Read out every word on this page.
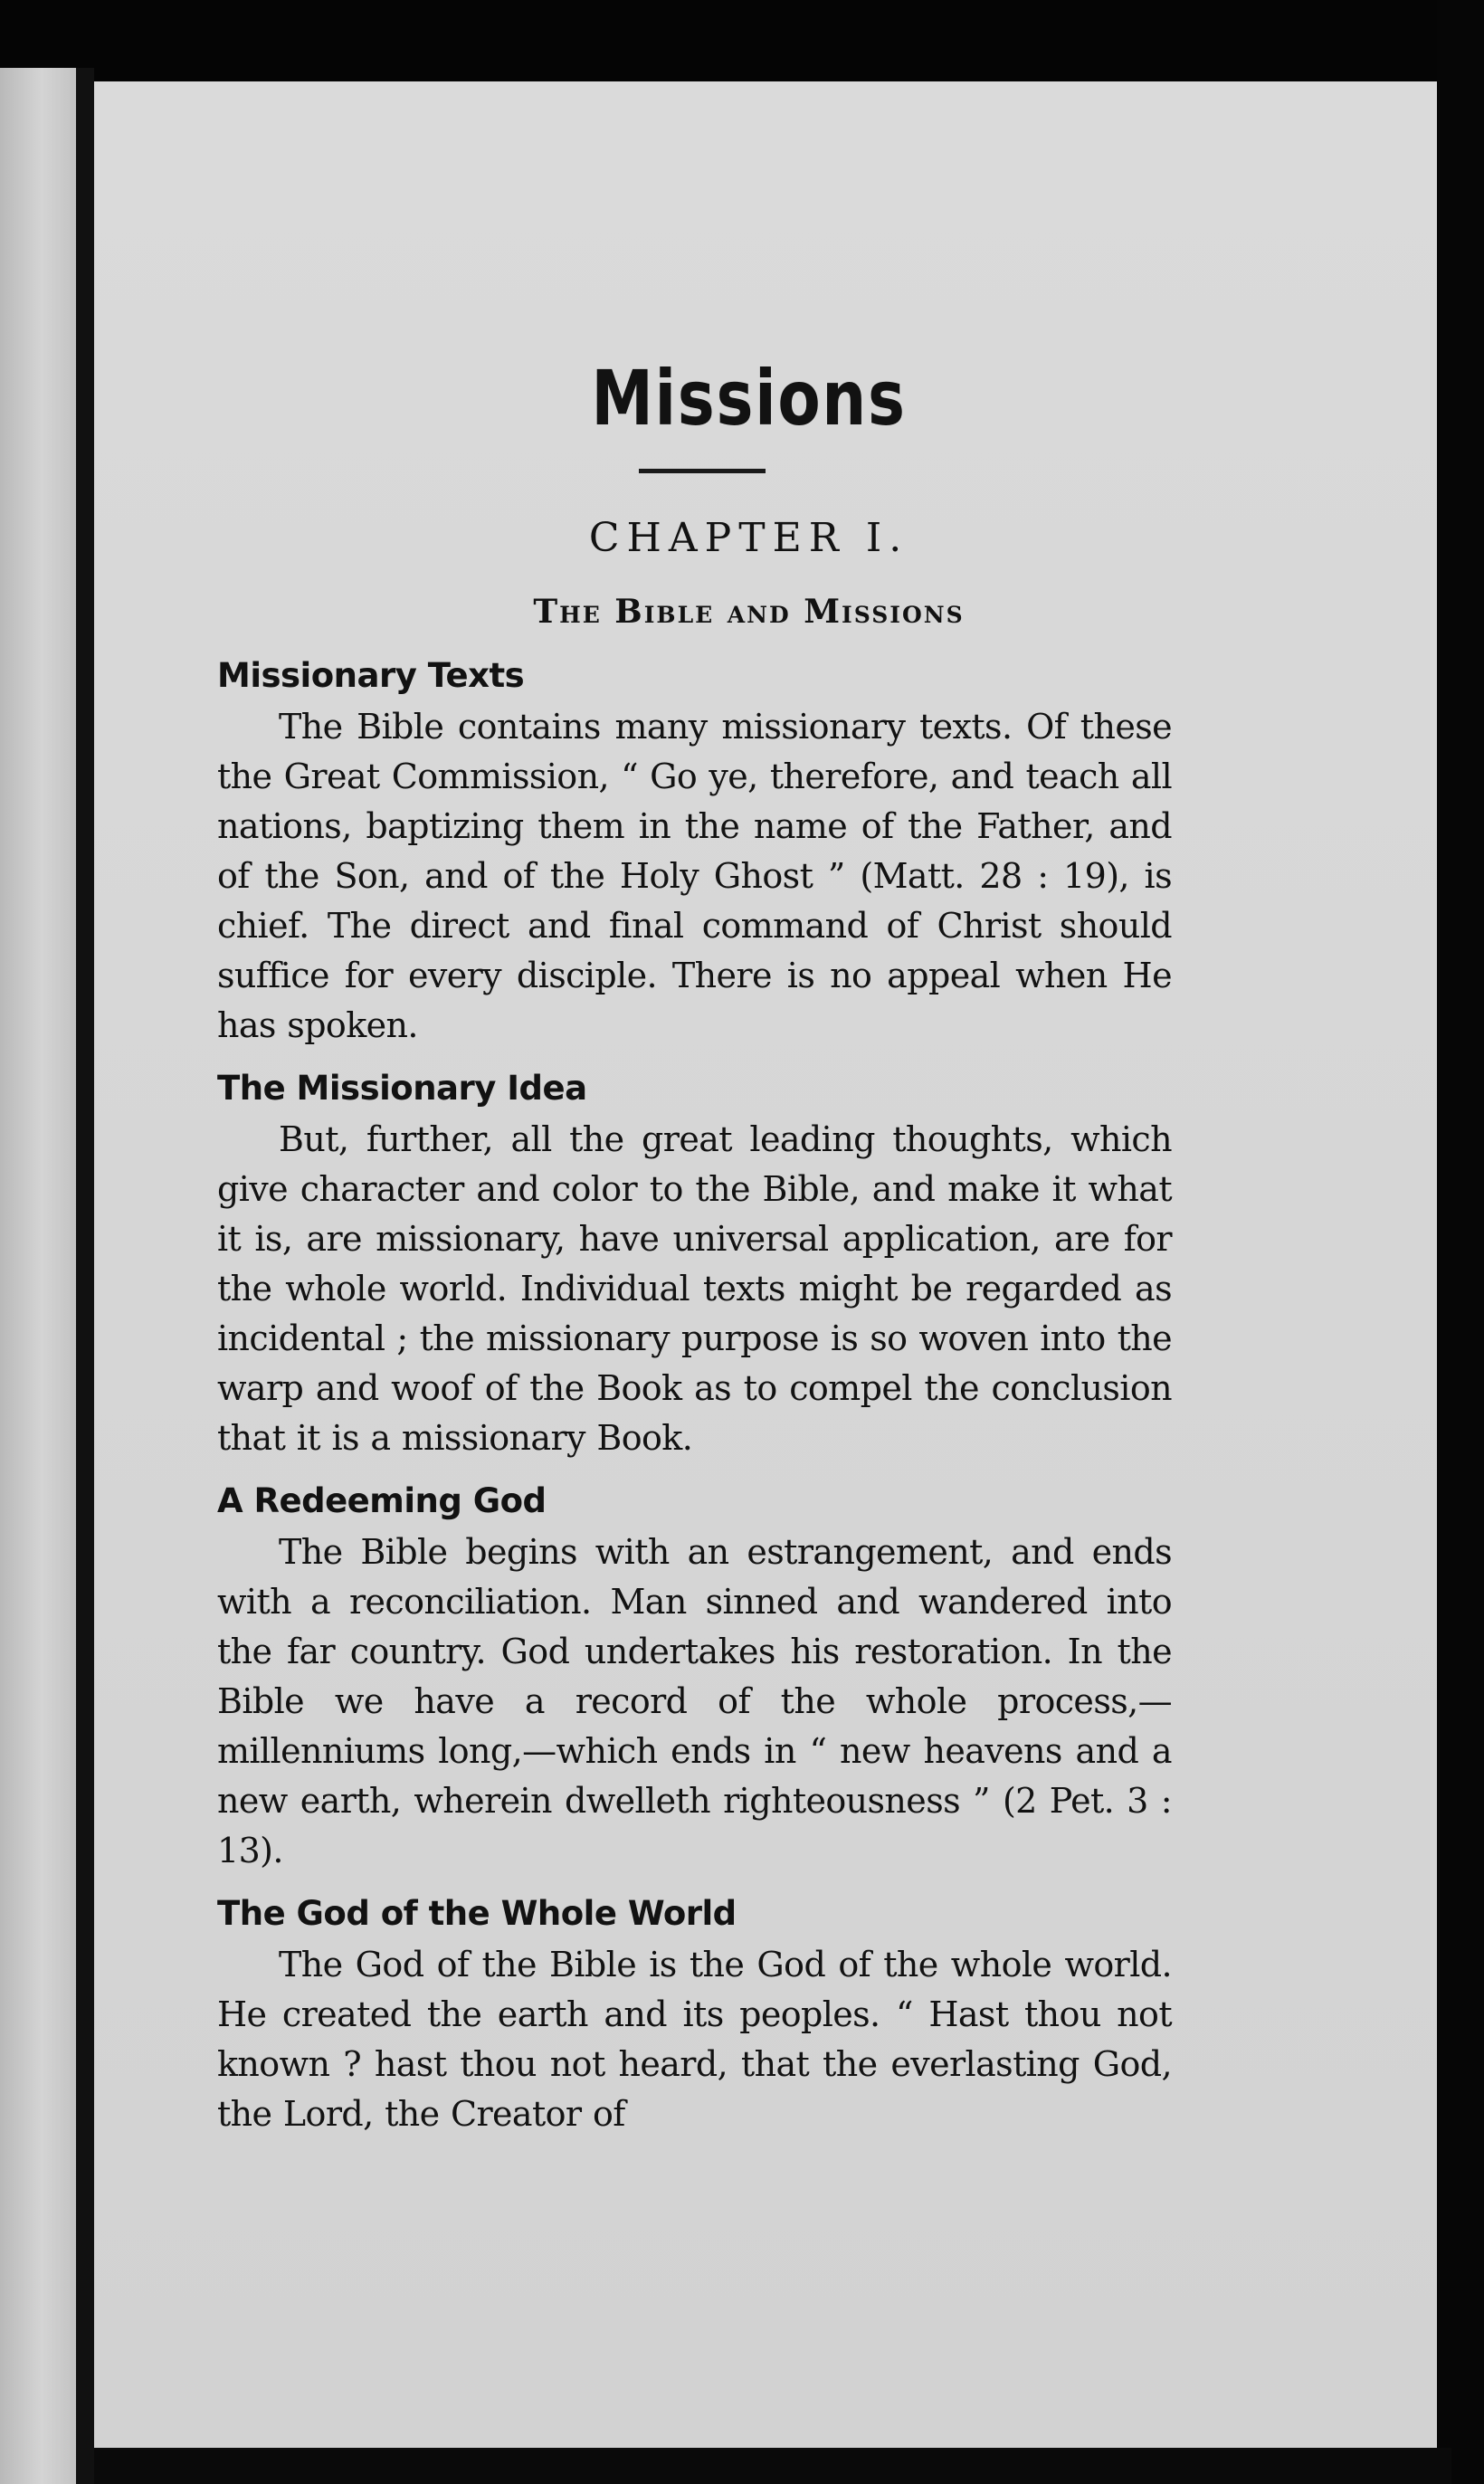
Missions
CHAPTER I.
The Bible and Missions
Missionary Texts

The Bible contains many missionary texts. Of these the Great Commission, “ Go ye, therefore, and teach all nations, baptizing them in the name of the Father, and of the Son, and of the Holy Ghost ” (Matt. 28 : 19), is chief. The direct and final command of Christ should suffice for every disciple. There is no appeal when He has spoken.

The Missionary Idea

But, further, all the great leading thoughts, which give character and color to the Bible, and make it what it is, are missionary, have universal application, are for the whole world. Individual texts might be regarded as incidental ; the missionary purpose is so woven into the warp and woof of the Book as to compel the conclusion that it is a missionary Book.

A Redeeming God

The Bible begins with an estrangement, and ends with a reconciliation. Man sinned and wandered into the far country. God undertakes his restoration. In the Bible we have a record of the whole process,—millenniums long,—which ends in “ new heavens and a new earth, wherein dwelleth righteousness ” (2 Pet. 3 : 13).

The God of the Whole World

The God of the Bible is the God of the whole world. He created the earth and its peoples. “ Hast thou not known ? hast thou not heard, that the everlasting God, the Lord, the Creator of
